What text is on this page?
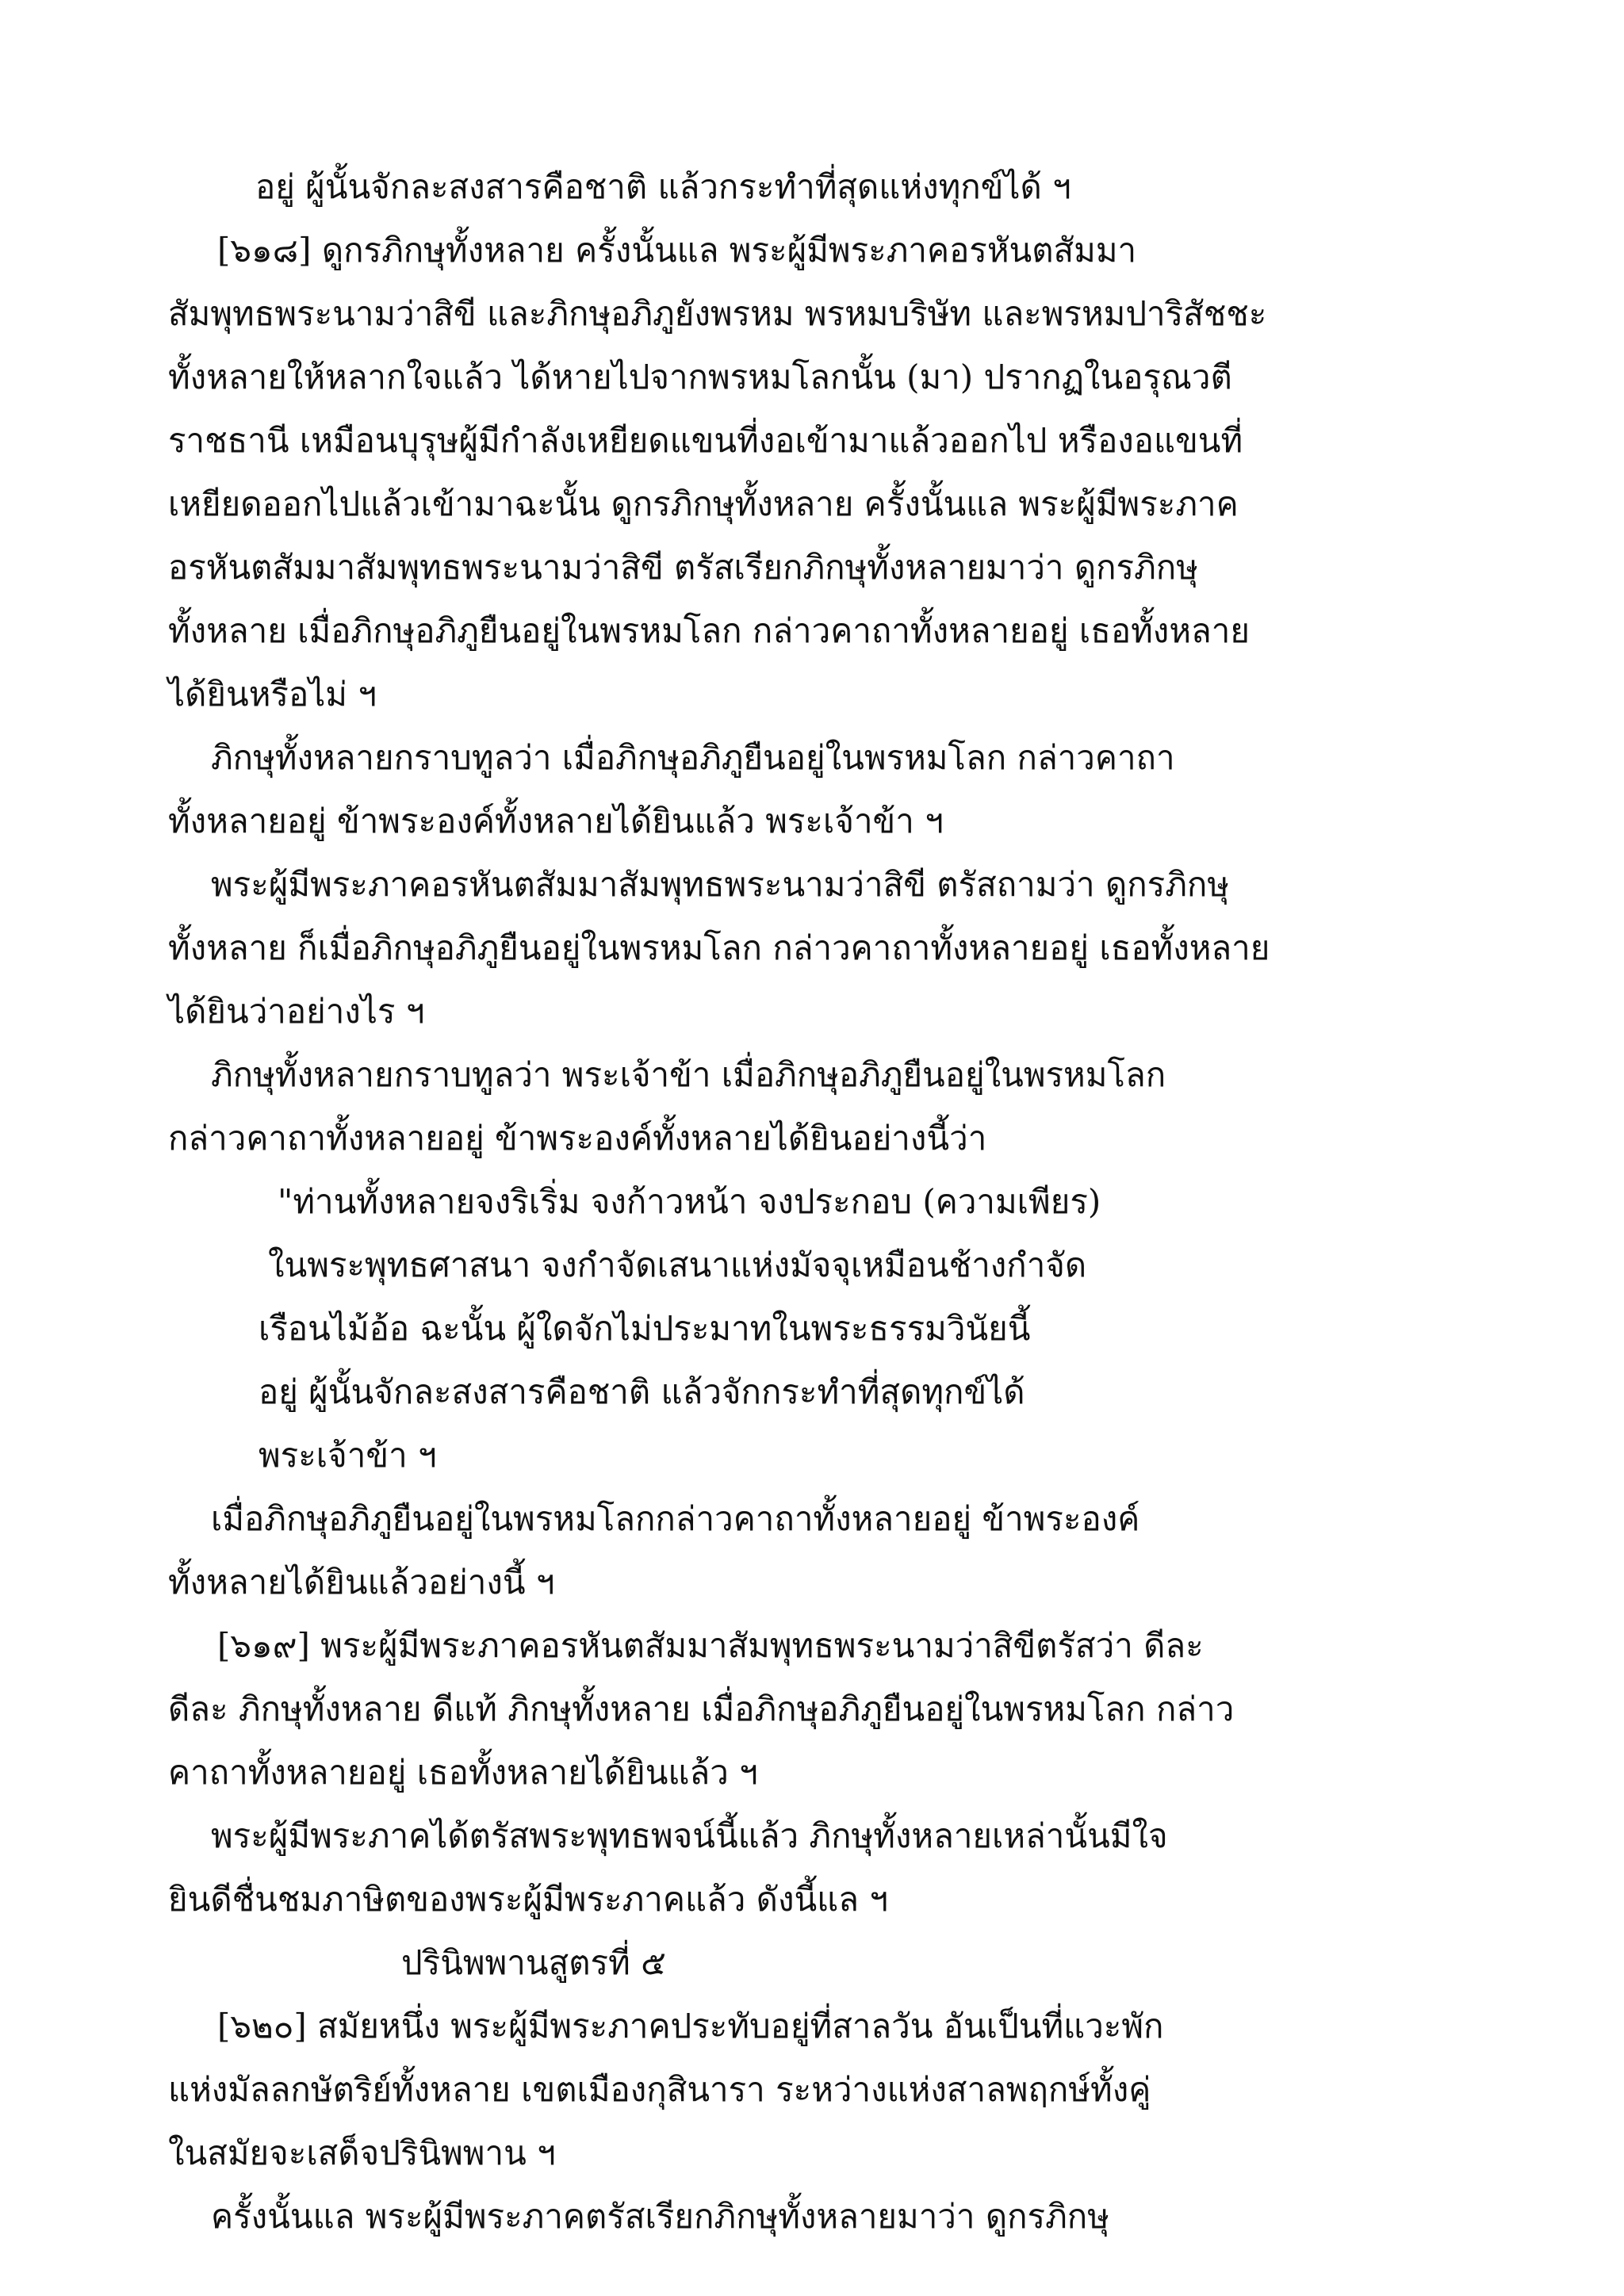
อยู่ ผู้นั้นจักละสงสารคือชาติ แล้วกระทำที่สุดแห่งทุกข์ได้ ฯ
[๖๑๘] ดูกรภิกษุทั้งหลาย ครั้งนั้นแล พระผู้มีพระภาคอรหันตสัมมา
สัมพุทธพระนามว่าสิขี และภิกษุอภิภูยังพรหม พรหมบริษัท และพรหมปาริสัชชะ
ทั้งหลายให้หลากใจแล้ว ได้หายไปจากพรหมโลกนั้น (มา) ปรากฏในอรุณวตี
ราชธานี เหมือนบุรุษผู้มีกำลังเหยียดแขนที่งอเข้ามาแล้วออกไป หรืองอแขนที่
เหยียดออกไปแล้วเข้ามาฉะนั้น ดูกรภิกษุทั้งหลาย ครั้งนั้นแล พระผู้มีพระภาค
อรหันตสัมมาสัมพุทธพระนามว่าสิขี ตรัสเรียกภิกษุทั้งหลายมาว่า ดูกรภิกษุ
ทั้งหลาย เมื่อภิกษุอภิภูยืนอยู่ในพรหมโลก กล่าวคาถาทั้งหลายอยู่ เธอทั้งหลาย
ได้ยินหรือไม่ ฯ
ภิกษุทั้งหลายกราบทูลว่า เมื่อภิกษุอภิภูยืนอยู่ในพรหมโลก กล่าวคาถา
ทั้งหลายอยู่ ข้าพระองค์ทั้งหลายได้ยินแล้ว พระเจ้าข้า ฯ
พระผู้มีพระภาคอรหันตสัมมาสัมพุทธพระนามว่าสิขี ตรัสถามว่า ดูกรภิกษุ
ทั้งหลาย ก็เมื่อภิกษุอภิภูยืนอยู่ในพรหมโลก กล่าวคาถาทั้งหลายอยู่ เธอทั้งหลาย
ได้ยินว่าอย่างไร ฯ
ภิกษุทั้งหลายกราบทูลว่า พระเจ้าข้า เมื่อภิกษุอภิภูยืนอยู่ในพรหมโลก
กล่าวคาถาทั้งหลายอยู่ ข้าพระองค์ทั้งหลายได้ยินอย่างนี้ว่า
"ท่านทั้งหลายจงริเริ่ม จงก้าวหน้า จงประกอบ (ความเพียร)
ในพระพุทธศาสนา จงกำจัดเสนาแห่งมัจจุเหมือนช้างกำจัด
เรือนไม้อ้อ ฉะนั้น ผู้ใดจักไม่ประมาทในพระธรรมวินัยนี้
อยู่ ผู้นั้นจักละสงสารคือชาติ แล้วจักกระทำที่สุดทุกข์ได้
พระเจ้าข้า ฯ
เมื่อภิกษุอภิภูยืนอยู่ในพรหมโลกกล่าวคาถาทั้งหลายอยู่ ข้าพระองค์
ทั้งหลายได้ยินแล้วอย่างนี้ ฯ
[๖๑๙] พระผู้มีพระภาคอรหันตสัมมาสัมพุทธพระนามว่าสิขีตรัสว่า ดีละ
ดีละ ภิกษุทั้งหลาย ดีแท้ ภิกษุทั้งหลาย เมื่อภิกษุอภิภูยืนอยู่ในพรหมโลก กล่าว
คาถาทั้งหลายอยู่ เธอทั้งหลายได้ยินแล้ว ฯ
พระผู้มีพระภาคได้ตรัสพระพุทธพจน์นี้แล้ว ภิกษุทั้งหลายเหล่านั้นมีใจ
ยินดีชื่นชมภาษิตของพระผู้มีพระภาคแล้ว ดังนี้แล ฯ
ปรินิพพานสูตรที่ ๕
[๖๒๐] สมัยหนึ่ง พระผู้มีพระภาคประทับอยู่ที่สาลวัน อันเป็นที่แวะพัก
แห่งมัลลกษัตริย์ทั้งหลาย เขตเมืองกุสินารา ระหว่างแห่งสาลพฤกษ์ทั้งคู่
ในสมัยจะเสด็จปรินิพพาน ฯ
ครั้งนั้นแล พระผู้มีพระภาคตรัสเรียกภิกษุทั้งหลายมาว่า ดูกรภิกษุ
